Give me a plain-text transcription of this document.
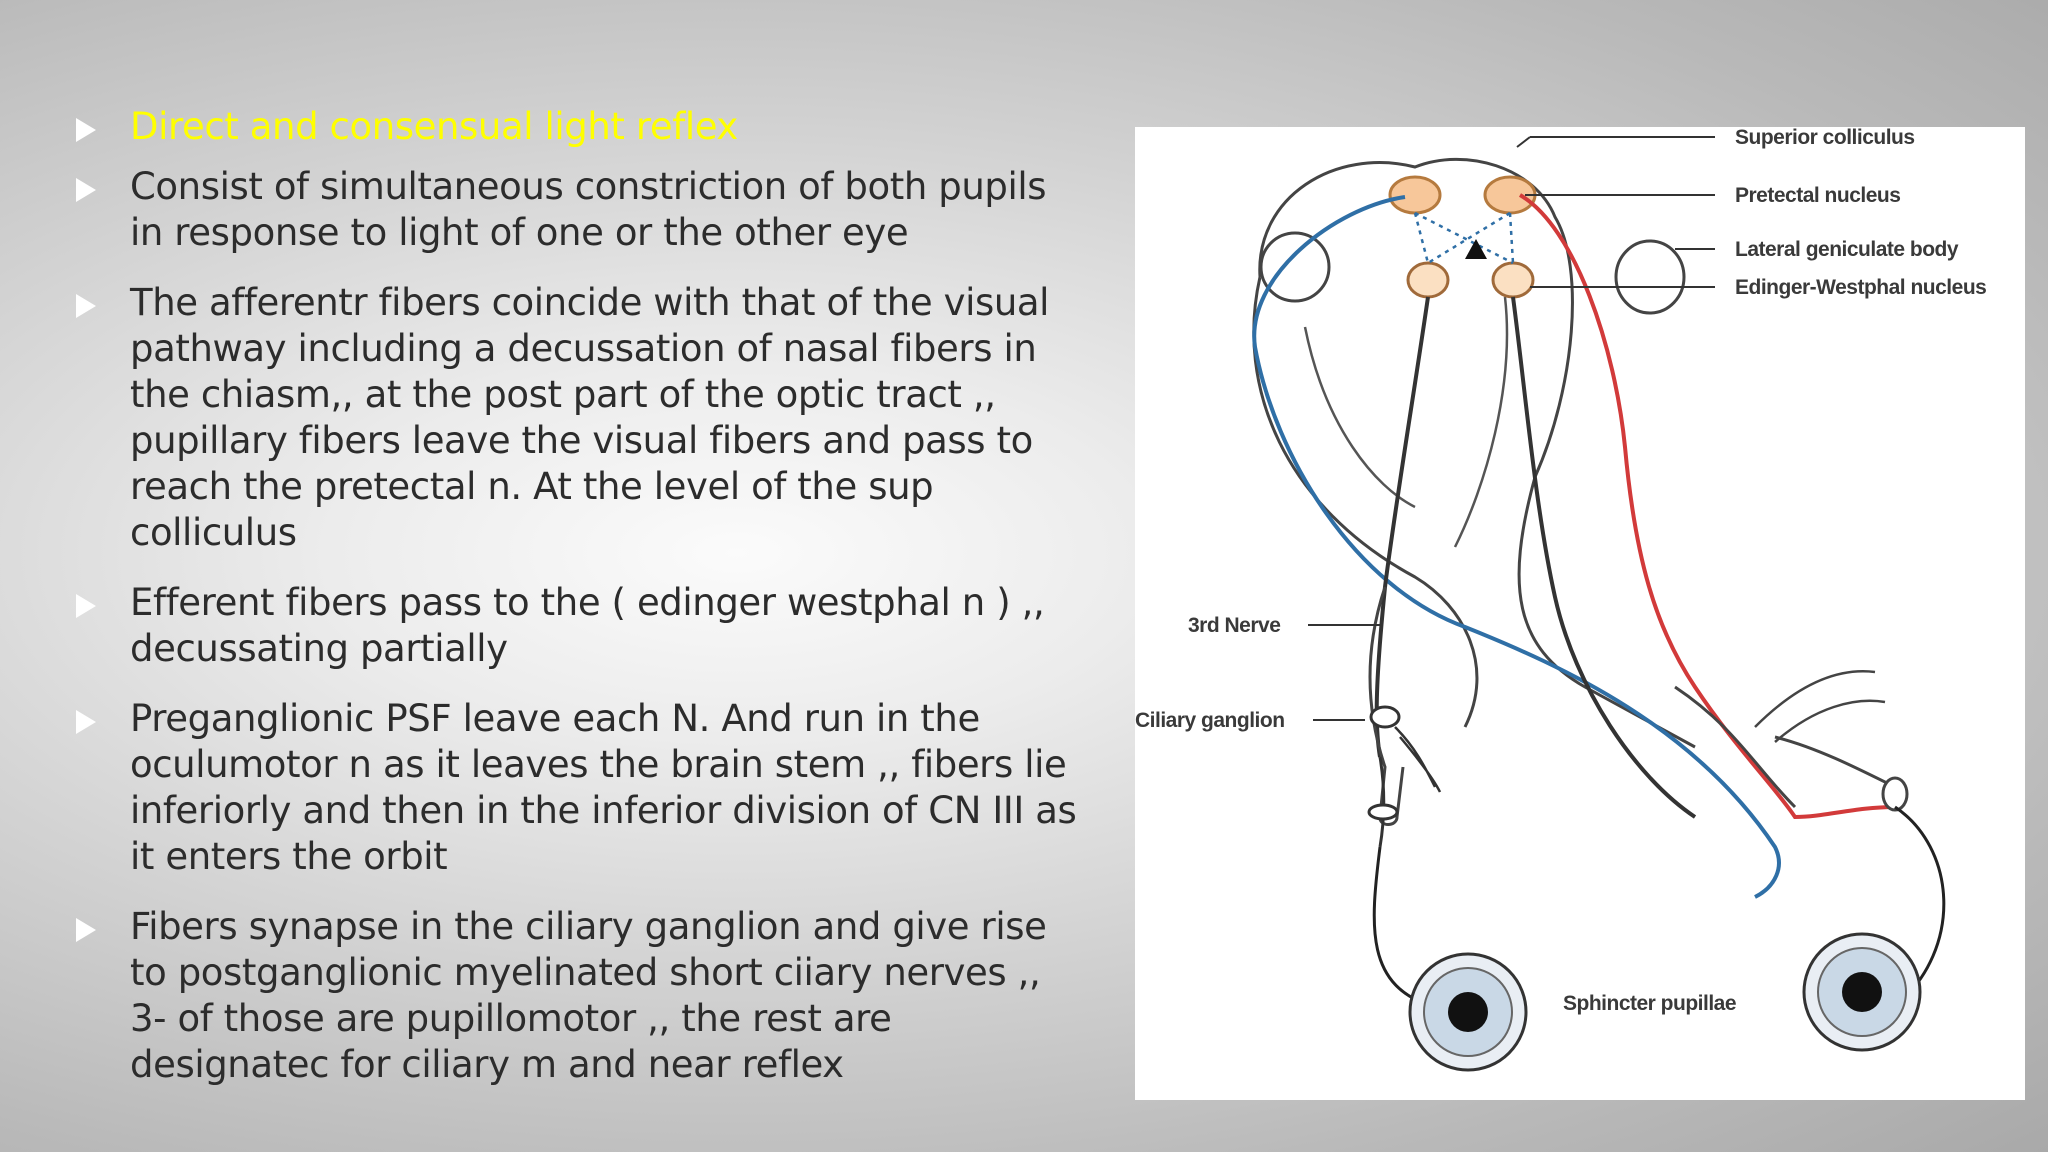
Direct and consensual light reflex
Consist of simultaneous constriction of both pupils in response to light of one or the other eye
The afferentr fibers coincide with that of the visual pathway including a decussation of nasal fibers in the chiasm,, at the post part of the optic tract ,, pupillary fibers leave the visual fibers and pass to reach the pretectal n. At the level of the sup colliculus
Efferent fibers pass to the ( edinger westphal n ) ,, decussating partially
Preganglionic PSF leave each N. And run in the oculumotor n as it leaves the brain stem ,, fibers lie inferiorly and then in the inferior division of CN III as it enters the orbit
Fibers synapse in the ciliary ganglion and give rise to postganglionic myelinated short ciiary nerves ,, 3- of those are pupillomotor ,, the rest are designatec for ciliary m and near reflex
Superior colliculus
Pretectal nucleus
Lateral geniculate body
Edinger-Westphal nucleus
3rd Nerve
Ciliary ganglion
Sphincter pupillae
